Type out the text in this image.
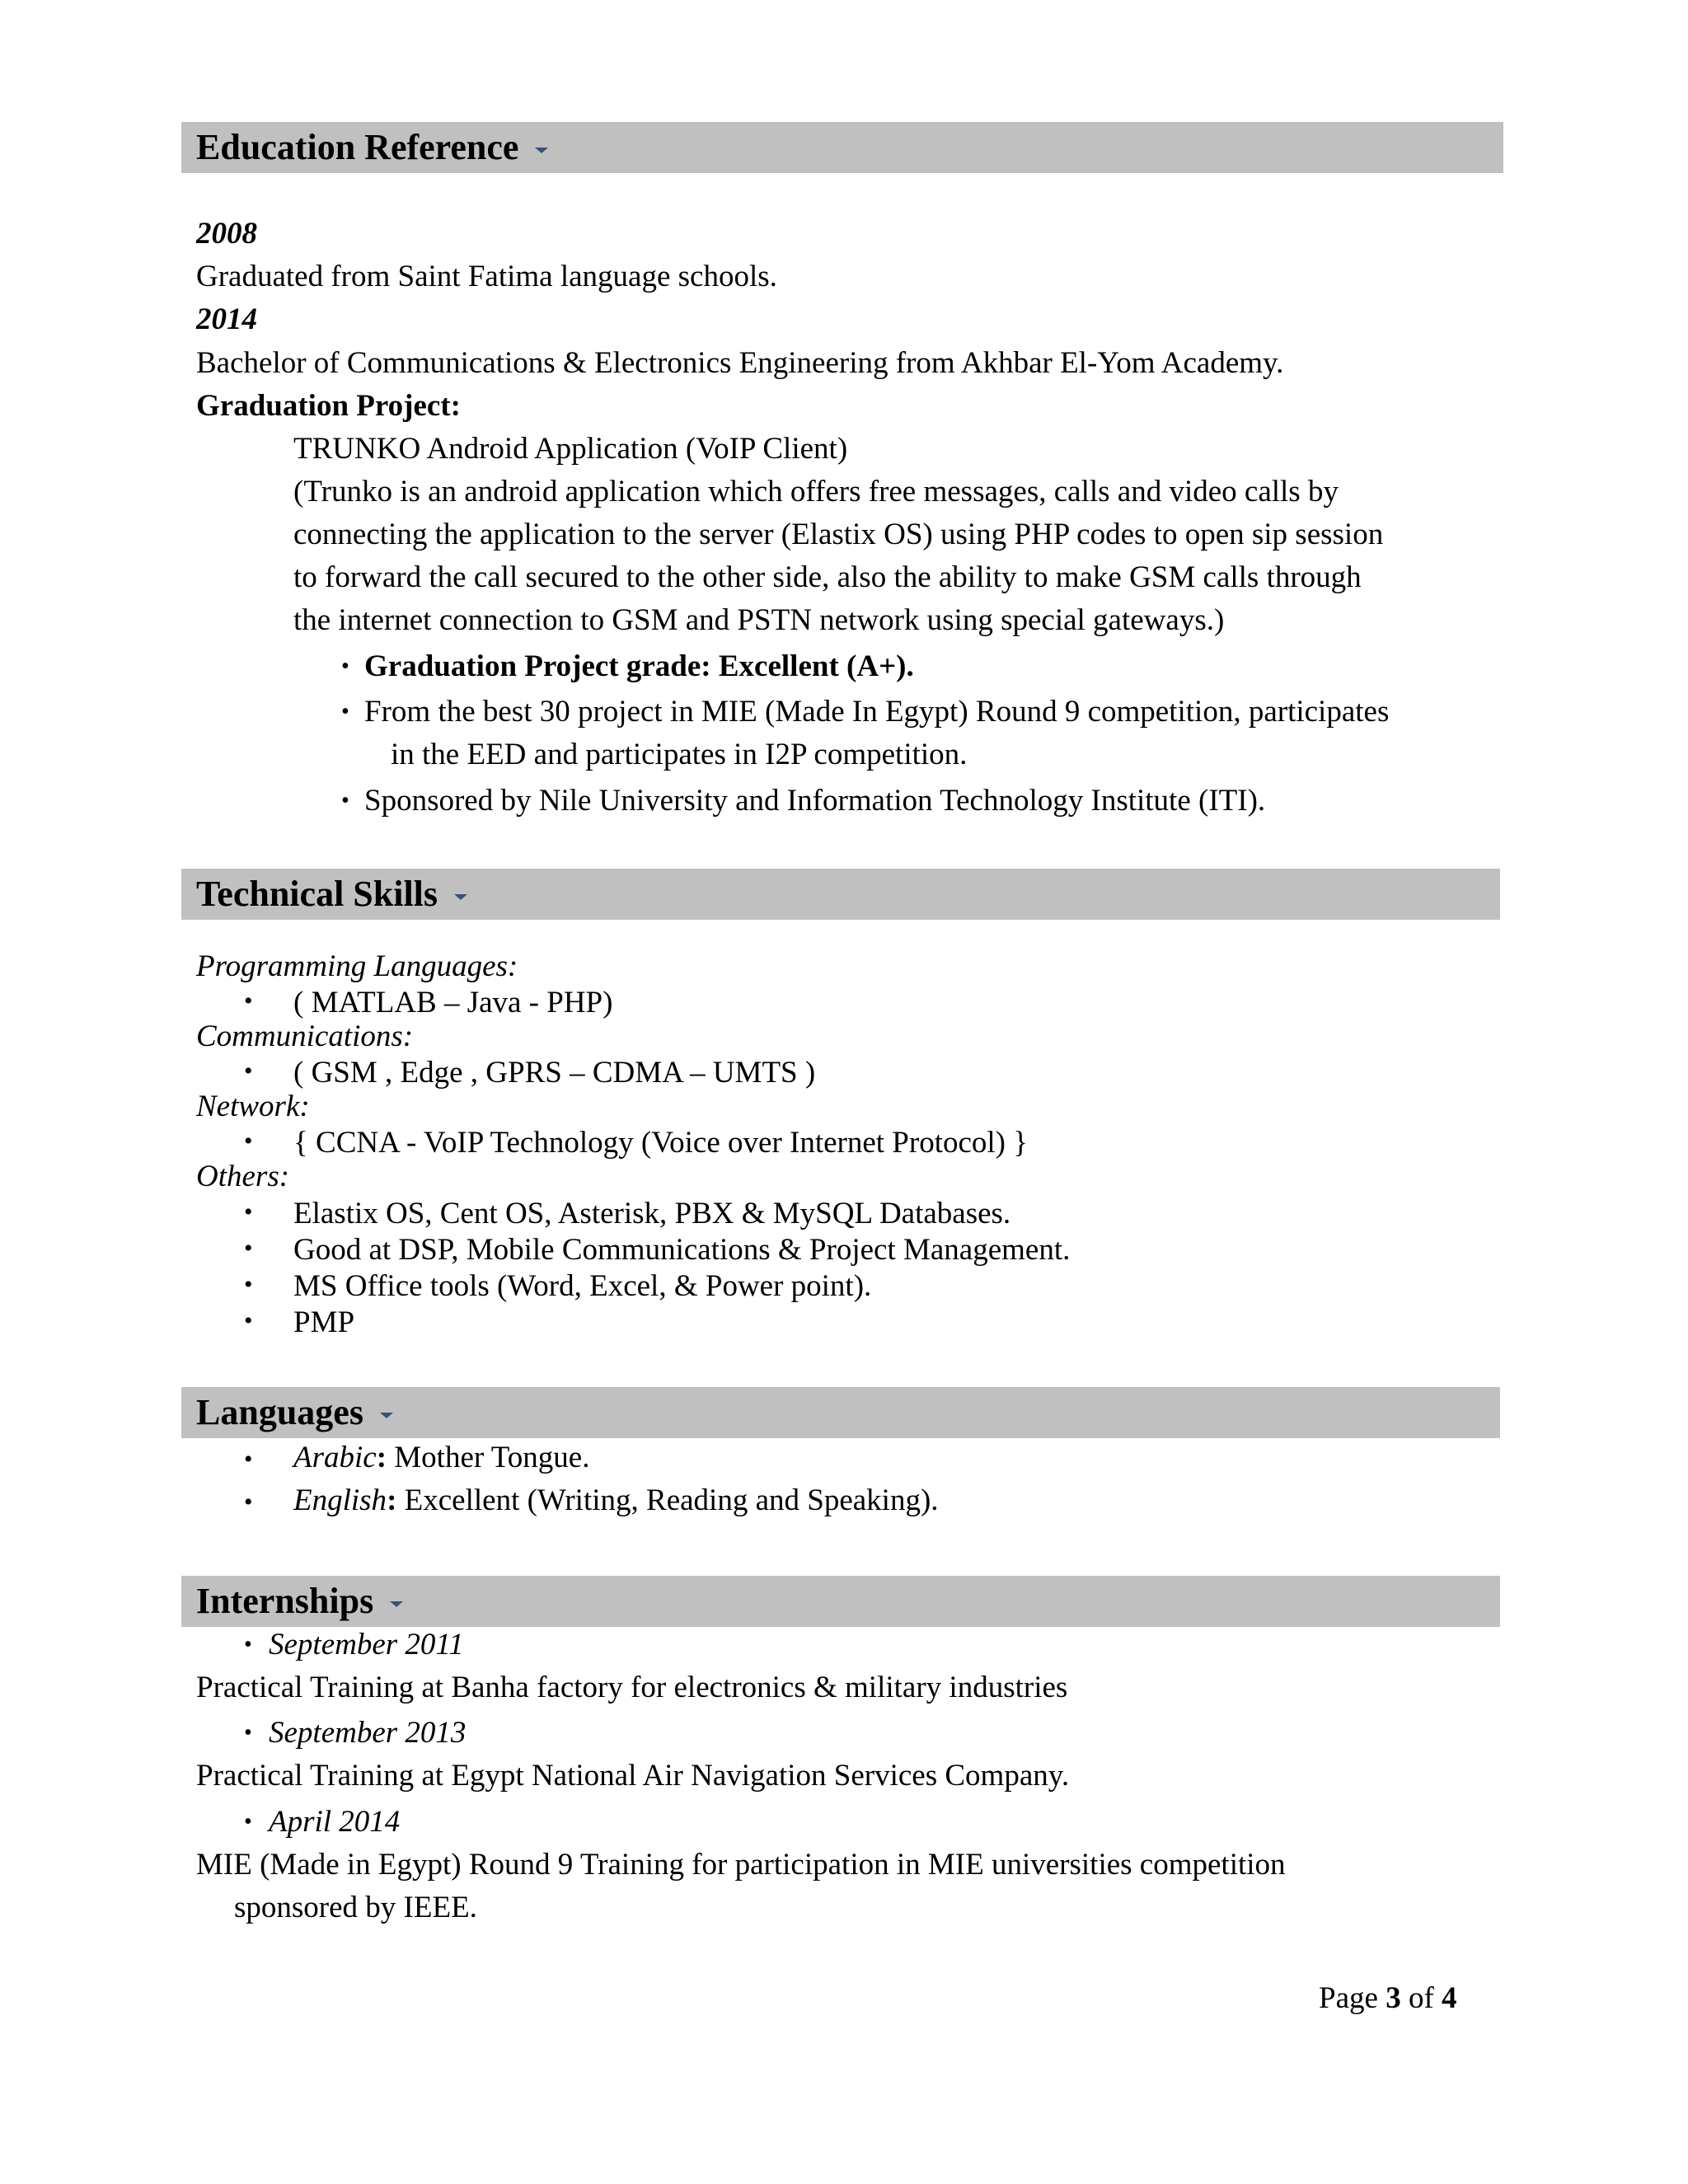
Education Reference
2008
Graduated from Saint Fatima language schools.
2014
Bachelor of Communications & Electronics Engineering from Akhbar El-Yom Academy.
Graduation Project:
TRUNKO Android Application (VoIP Client)
(Trunko is an android application which offers free messages, calls and video calls by
connecting the application to the server (Elastix OS) using PHP codes to open sip session
to forward the call secured to the other side, also the ability to make GSM calls through
the internet connection to GSM and PSTN network using special gateways.)
• Graduation Project grade: Excellent (A+).
• From the best 30 project in MIE (Made In Egypt) Round 9 competition, participates
in the EED and participates in I2P competition.
• Sponsored by Nile University and Information Technology Institute (ITI).
Technical Skills
Programming Languages:
• ( MATLAB – Java - PHP)
Communications:
• ( GSM , Edge , GPRS – CDMA – UMTS )
Network:
• { CCNA - VoIP Technology (Voice over Internet Protocol) }
Others:
• Elastix OS, Cent OS, Asterisk, PBX & MySQL Databases.
• Good at DSP, Mobile Communications & Project Management.
• MS Office tools (Word, Excel, & Power point).
• PMP
Languages
• Arabic: Mother Tongue.
• English: Excellent (Writing, Reading and Speaking).
Internships
• September 2011
Practical Training at Banha factory for electronics & military industries
• September 2013
Practical Training at Egypt National Air Navigation Services Company.
• April 2014
MIE (Made in Egypt) Round 9 Training for participation in MIE universities competition
sponsored by IEEE.
Page 3 of 4
